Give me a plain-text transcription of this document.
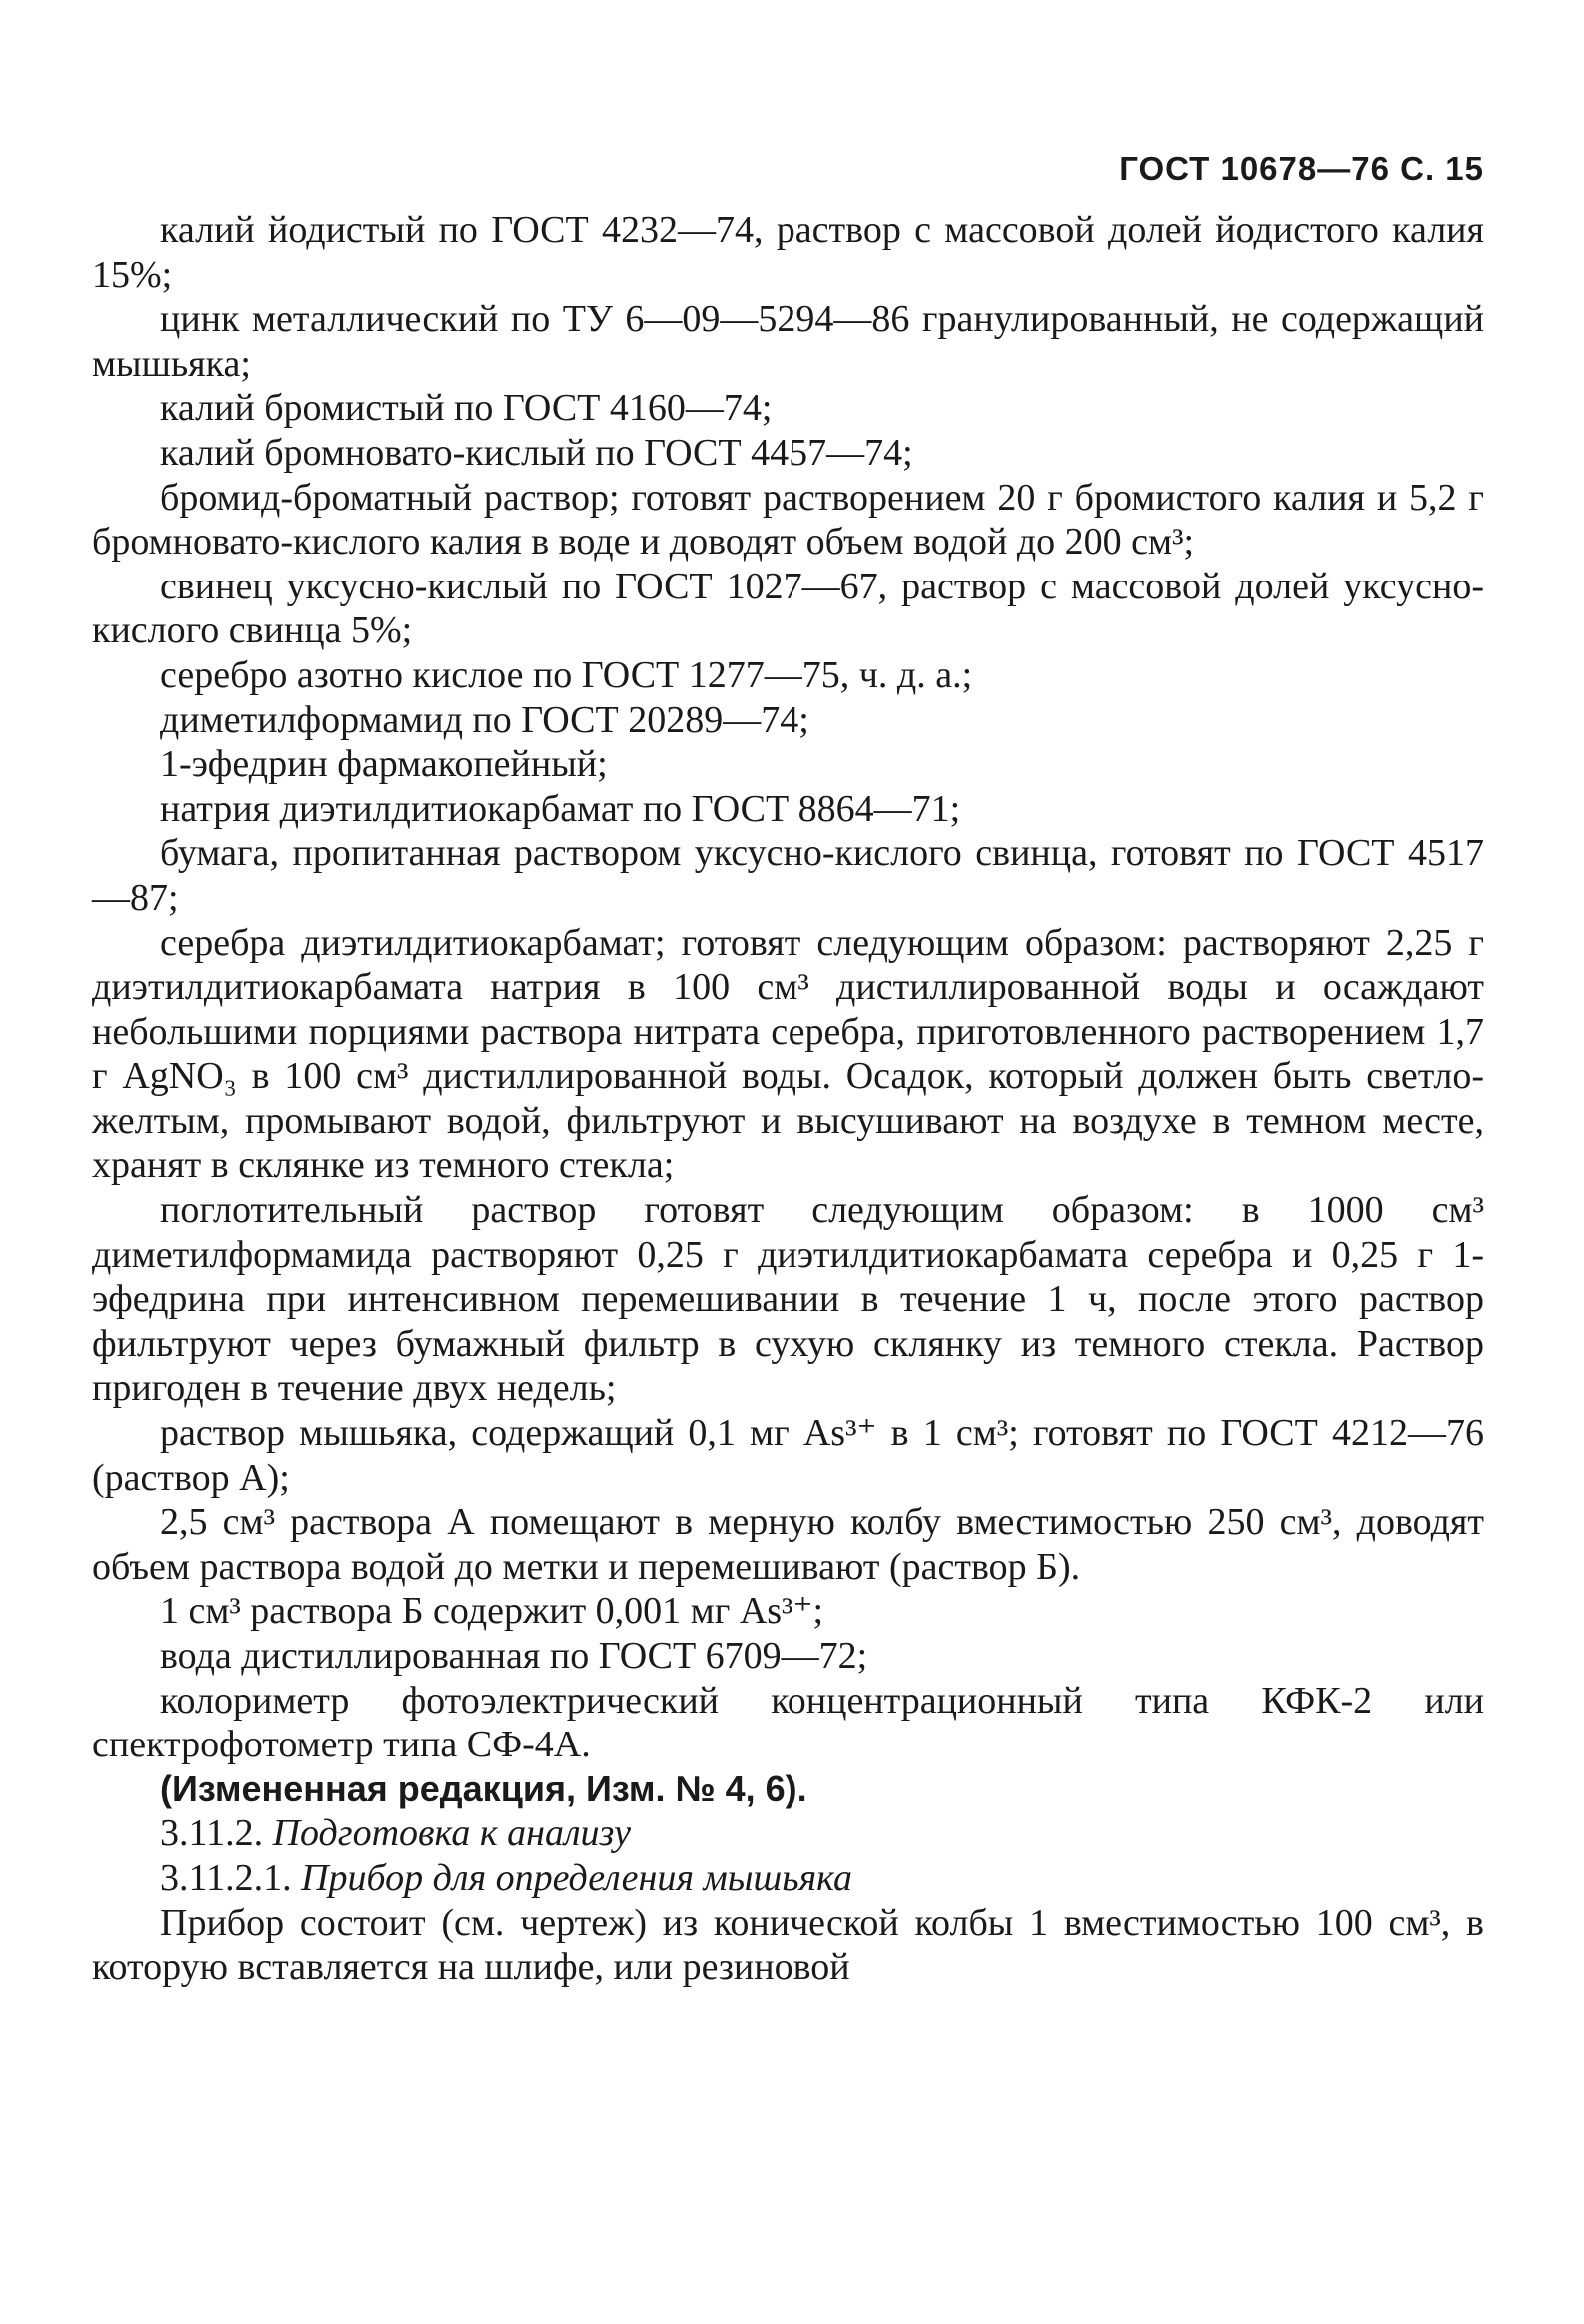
ГОСТ 10678—76 С. 15

калий йодистый по ГОСТ 4232—74, раствор с массовой долей йодистого калия 15%;

цинк металлический по ТУ 6—09—5294—86 гранулированный, не содержащий мышьяка;

калий бромистый по ГОСТ 4160—74;

калий бромновато-кислый по ГОСТ 4457—74;

бромид-броматный раствор; готовят растворением 20 г бромистого калия и 5,2 г бромновато-кислого калия в воде и доводят объем водой до 200 см³;

свинец уксусно-кислый по ГОСТ 1027—67, раствор с массовой долей уксусно-кислого свинца 5%;

серебро азотно кислое по ГОСТ 1277—75, ч. д. а.;

диметилформамид по ГОСТ 20289—74;

1-эфедрин фармакопейный;

натрия диэтилдитиокарбамат по ГОСТ 8864—71;

бумага, пропитанная раствором уксусно-кислого свинца, готовят по ГОСТ 4517—87;

серебра диэтилдитиокарбамат; готовят следующим образом: растворяют 2,25 г диэтилдитиокарбамата натрия в 100 см³ дистиллированной воды и осаждают небольшими порциями раствора нитрата серебра, приготовленного растворением 1,7 г AgNO₃ в 100 см³ дистиллированной воды. Осадок, который должен быть светло-желтым, промывают водой, фильтруют и высушивают на воздухе в темном месте, хранят в склянке из темного стекла;

поглотительный раствор готовят следующим образом: в 1000 см³ диметилформамида растворяют 0,25 г диэтилдитиокарбамата серебра и 0,25 г 1-эфедрина при интенсивном перемешивании в течение 1 ч, после этого раствор фильтруют через бумажный фильтр в сухую склянку из темного стекла. Раствор пригоден в течение двух недель;

раствор мышьяка, содержащий 0,1 мг As³⁺ в 1 см³; готовят по ГОСТ 4212—76 (раствор А);

2,5 см³ раствора А помещают в мерную колбу вместимостью 250 см³, доводят объем раствора водой до метки и перемешивают (раствор Б).

1 см³ раствора Б содержит 0,001 мг As³⁺;

вода дистиллированная по ГОСТ 6709—72;

колориметр фотоэлектрический концентрационный типа КФК-2 или спектрофотометр типа СФ-4А.

(Измененная редакция, Изм. № 4, 6).

3.11.2. Подготовка к анализу

3.11.2.1. Прибор для определения мышьяка

Прибор состоит (см. чертеж) из конической колбы 1 вместимостью 100 см³, в которую вставляется на шлифе, или резиновой
